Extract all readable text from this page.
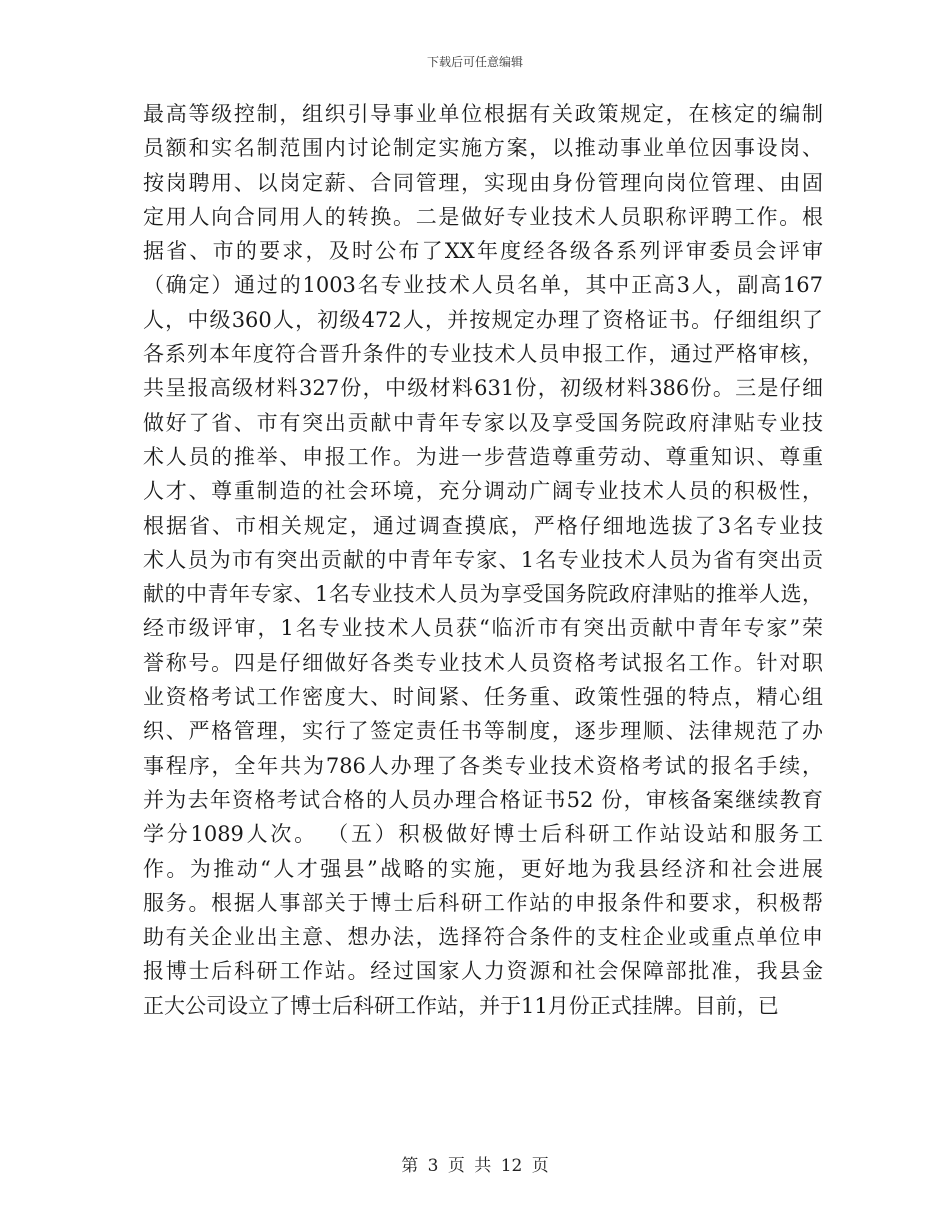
下载后可任意编辑
最高等级控制，组织引导事业单位根据有关政策规定，在核定的编制
员额和实名制范围内讨论制定实施方案，以推动事业单位因事设岗、
按岗聘用、以岗定薪、合同管理，实现由身份管理向岗位管理、由固
定用人向合同用人的转换。二是做好专业技术人员职称评聘工作。根
据省、市的要求，及时公布了XX年度经各级各系列评审委员会评审
（确定）通过的1003名专业技术人员名单，其中正高3人，副高167
人，中级360人，初级472人，并按规定办理了资格证书。仔细组织了
各系列本年度符合晋升条件的专业技术人员申报工作，通过严格审核，
共呈报高级材料327份，中级材料631份，初级材料386份。三是仔细
做好了省、市有突出贡献中青年专家以及享受国务院政府津贴专业技
术人员的推举、申报工作。为进一步营造尊重劳动、尊重知识、尊重
人才、尊重制造的社会环境，充分调动广阔专业技术人员的积极性，
根据省、市相关规定，通过调查摸底，严格仔细地选拔了3名专业技
术人员为市有突出贡献的中青年专家、1名专业技术人员为省有突出贡
献的中青年专家、1名专业技术人员为享受国务院政府津贴的推举人选，
经市级评审，1名专业技术人员获“临沂市有突出贡献中青年专家”荣
誉称号。四是仔细做好各类专业技术人员资格考试报名工作。针对职
业资格考试工作密度大、时间紧、任务重、政策性强的特点，精心组
织、严格管理，实行了签定责任书等制度，逐步理顺、法律规范了办
事程序，全年共为786人办理了各类专业技术资格考试的报名手续，
并为去年资格考试合格的人员办理合格证书52 份，审核备案继续教育
学分1089人次。 （五）积极做好博士后科研工作站设站和服务工
作。为推动“人才强县”战略的实施，更好地为我县经济和社会进展
服务。根据人事部关于博士后科研工作站的申报条件和要求，积极帮
助有关企业出主意、想办法，选择符合条件的支柱企业或重点单位申
报博士后科研工作站。经过国家人力资源和社会保障部批准，我县金
正大公司设立了博士后科研工作站，并于11月份正式挂牌。目前，已
第 3 页 共 12 页
